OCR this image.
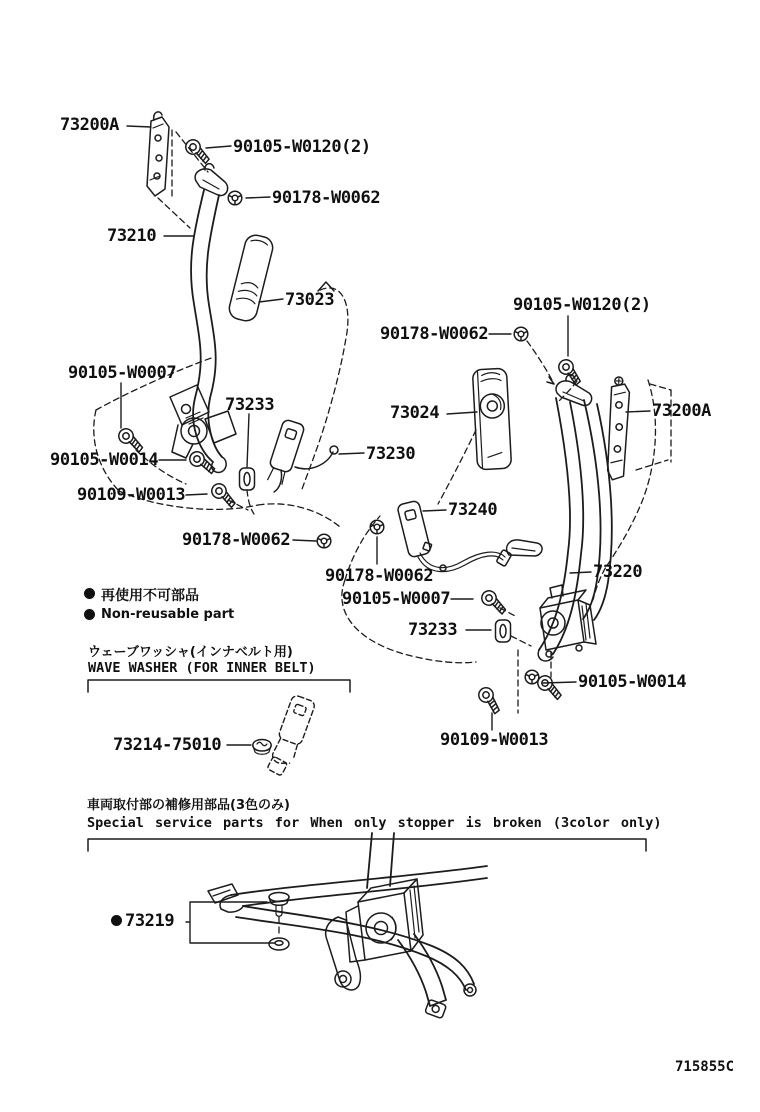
73200A
90105-W0120(2)
90178-W0062
73210
73023	90105-W0120(2)
90178-W0062
73024	73200A
90105-W0007
73233
90105-W0014	73230
90109-W0013
90178-W0062
73240
73220
90178-W0062
90105-W0007
73233
90105-W0014
90109-W0013
73214-75010
73219
再使用不可部品
Non-reusable part
ウェーブワッシャ(インナベルト用)
WAVE WASHER (FOR INNER BELT)
車両取付部の補修用部品(3色のみ)
Special service parts for When only stopper is broken (3color only)
715855C
